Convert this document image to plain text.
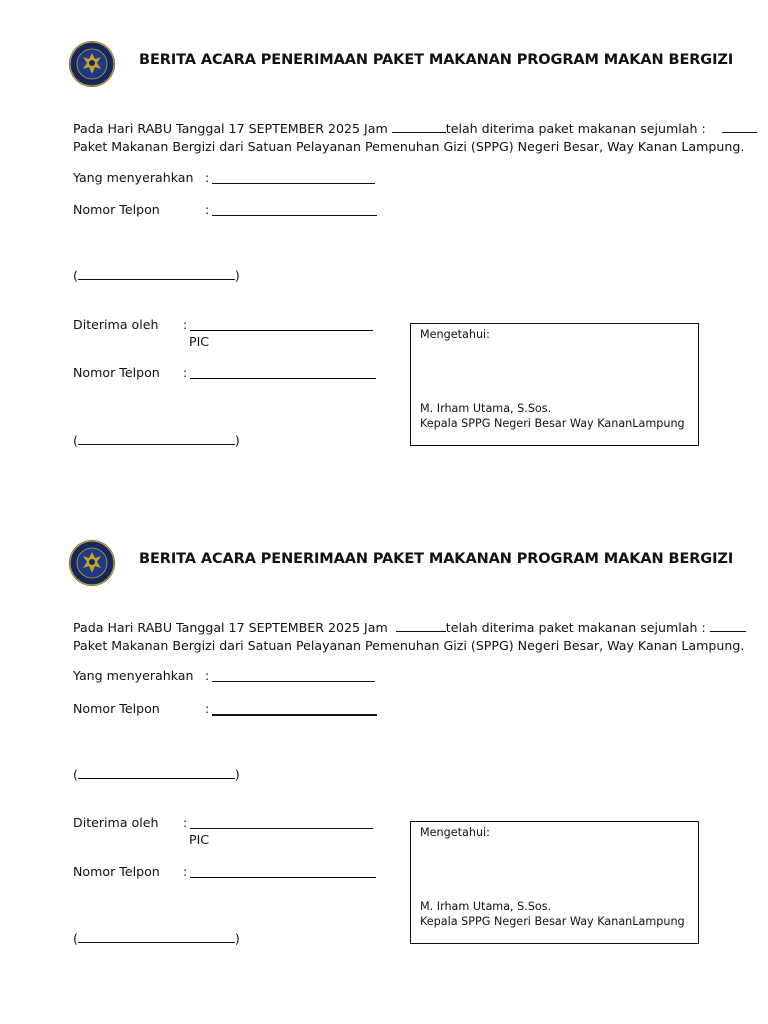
BERITA ACARA PENERIMAAN PAKET MAKANAN PROGRAM MAKAN BERGIZI
Pada Hari RABU Tanggal 17 SEPTEMBER 2025 Jam	telah diterima paket makanan sejumlah :
Paket Makanan Bergizi dari Satuan Pelayanan Pemenuhan Gizi (SPPG) Negeri Besar, Way Kanan Lampung.
Yang menyerahkan :
Nomor Telpon	:
(	)
Diterima oleh :
PIC
Nomor Telpon :
(	)
Mengetahui:
M. Irham Utama, S.Sos.
Kepala SPPG Negeri Besar Way KananLampung
BERITA ACARA PENERIMAAN PAKET MAKANAN PROGRAM MAKAN BERGIZI
Pada Hari RABU Tanggal 17 SEPTEMBER 2025 Jam	telah diterima paket makanan sejumlah :
Paket Makanan Bergizi dari Satuan Pelayanan Pemenuhan Gizi (SPPG) Negeri Besar, Way Kanan Lampung.
Yang menyerahkan :
Nomor Telpon	:
(	)
Diterima oleh :
PIC
Nomor Telpon :
(	)
Mengetahui:
M. Irham Utama, S.Sos.
Kepala SPPG Negeri Besar Way KananLampung
